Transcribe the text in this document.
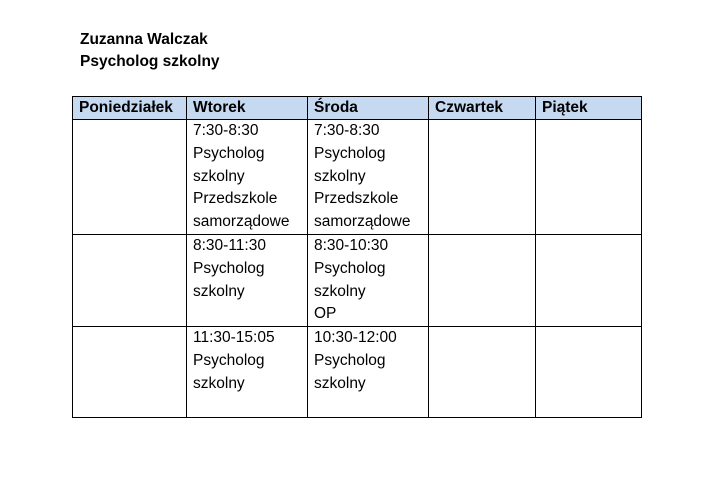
Zuzanna Walczak
Psycholog szkolny
Poniedziałek	Wtorek	Środa	Czwartek	Piątek

	7:30-8:30
Psycholog
szkolny
Przedszkole
samorządowe	7:30-8:30
Psycholog
szkolny
Przedszkole
samorządowe		

	8:30-11:30
Psycholog
szkolny	8:30-10:30
Psycholog
szkolny
OP		

	11:30-15:05
Psycholog
szkolny	10:30-12:00
Psycholog
szkolny		
